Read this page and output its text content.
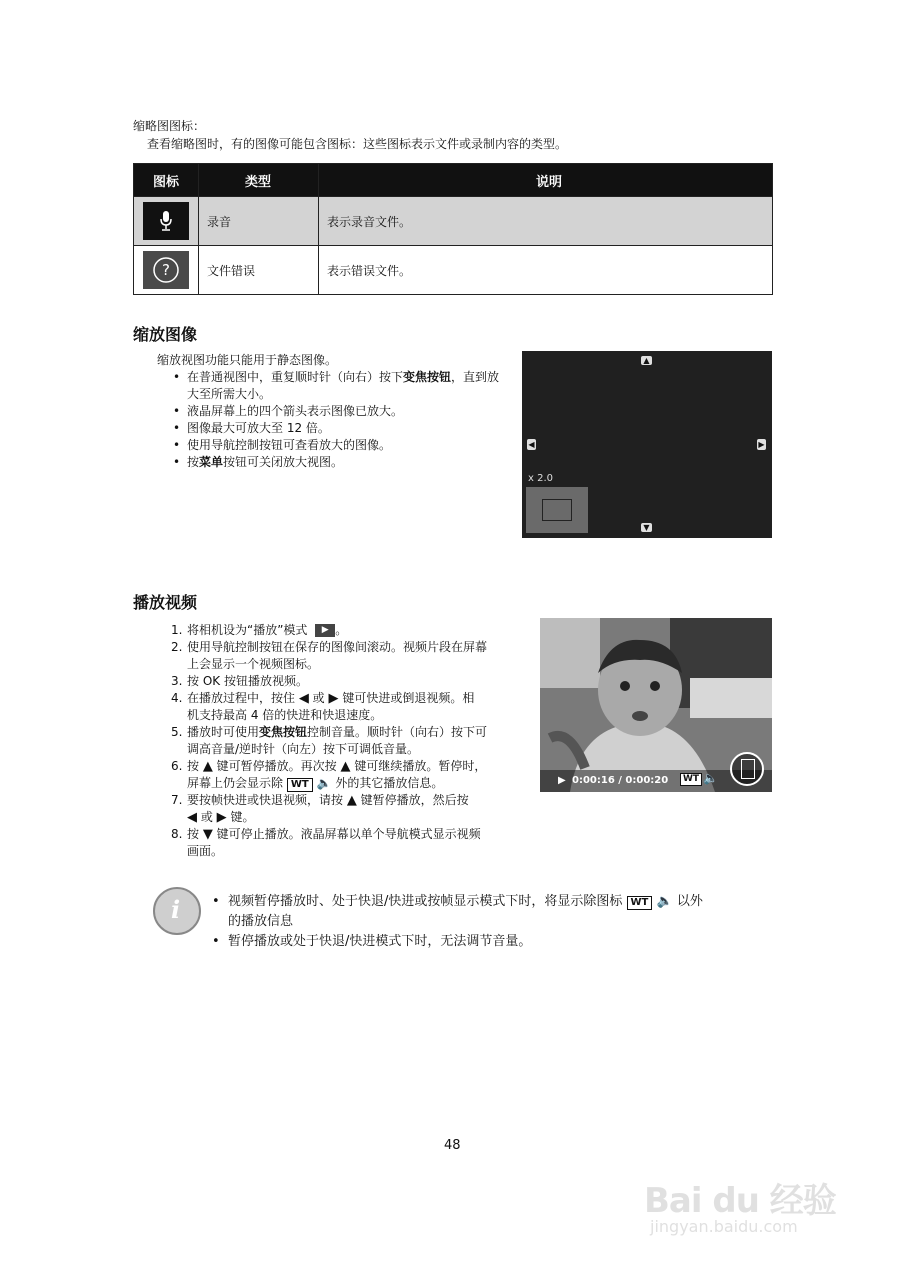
缩略图图标：
查看缩略图时，有的图像可能包含图标：这些图标表示文件或录制内容的类型。
图标	类型	说明

	录音	表示录音文件。

?	文件错误	表示错误文件。
缩放图像
缩放视图功能只能用于静态图像。
• 在普通视图中，重复顺时针（向右）按下变焦按钮，直到放大至所需大小。
• 液晶屏幕上的四个箭头表示图像已放大。
• 图像最大可放大至 12 倍。
• 使用导航控制按钮可查看放大的图像。
• 按菜单按钮可关闭放大视图。
▲
▼
◀	▶
x 2.0
播放视频
1. 将相机设为“播放”模式 ▶ 。
2. 使用导航控制按钮在保存的图像间滚动。视频片段在屏幕
上会显示一个视频图标。
3. 按 OK 按钮播放视频。
4. 在播放过程中，按住 ◀ 或 ▶ 键可快进或倒退视频。相
机支持最高 4 倍的快进和快退速度。
5. 播放时可使用变焦按钮控制音量。顺时针（向右）按下可
调高音量/逆时针（向左）按下可调低音量。
6. 按 ▲ 键可暂停播放。再次按 ▲ 键可继续播放。暂停时，
屏幕上仍会显示除 WT 🔈 外的其它播放信息。
7. 要按帧快进或快退视频，请按 ▲ 键暂停播放，然后按
◀ 或 ▶ 键。
8. 按 ▼ 键可停止播放。液晶屏幕以单个导航模式显示视频
画面。
▶ 0:00:16 / 0:00:20	WT 🔈
i	• 视频暂停播放时、处于快退/快进或按帧显示模式下时，将显示除图标 WT 🔈 以外
的播放信息
• 暂停播放或处于快退/快进模式下时，无法调节音量。
48
Bai du 经验
jingyan.baidu.com
